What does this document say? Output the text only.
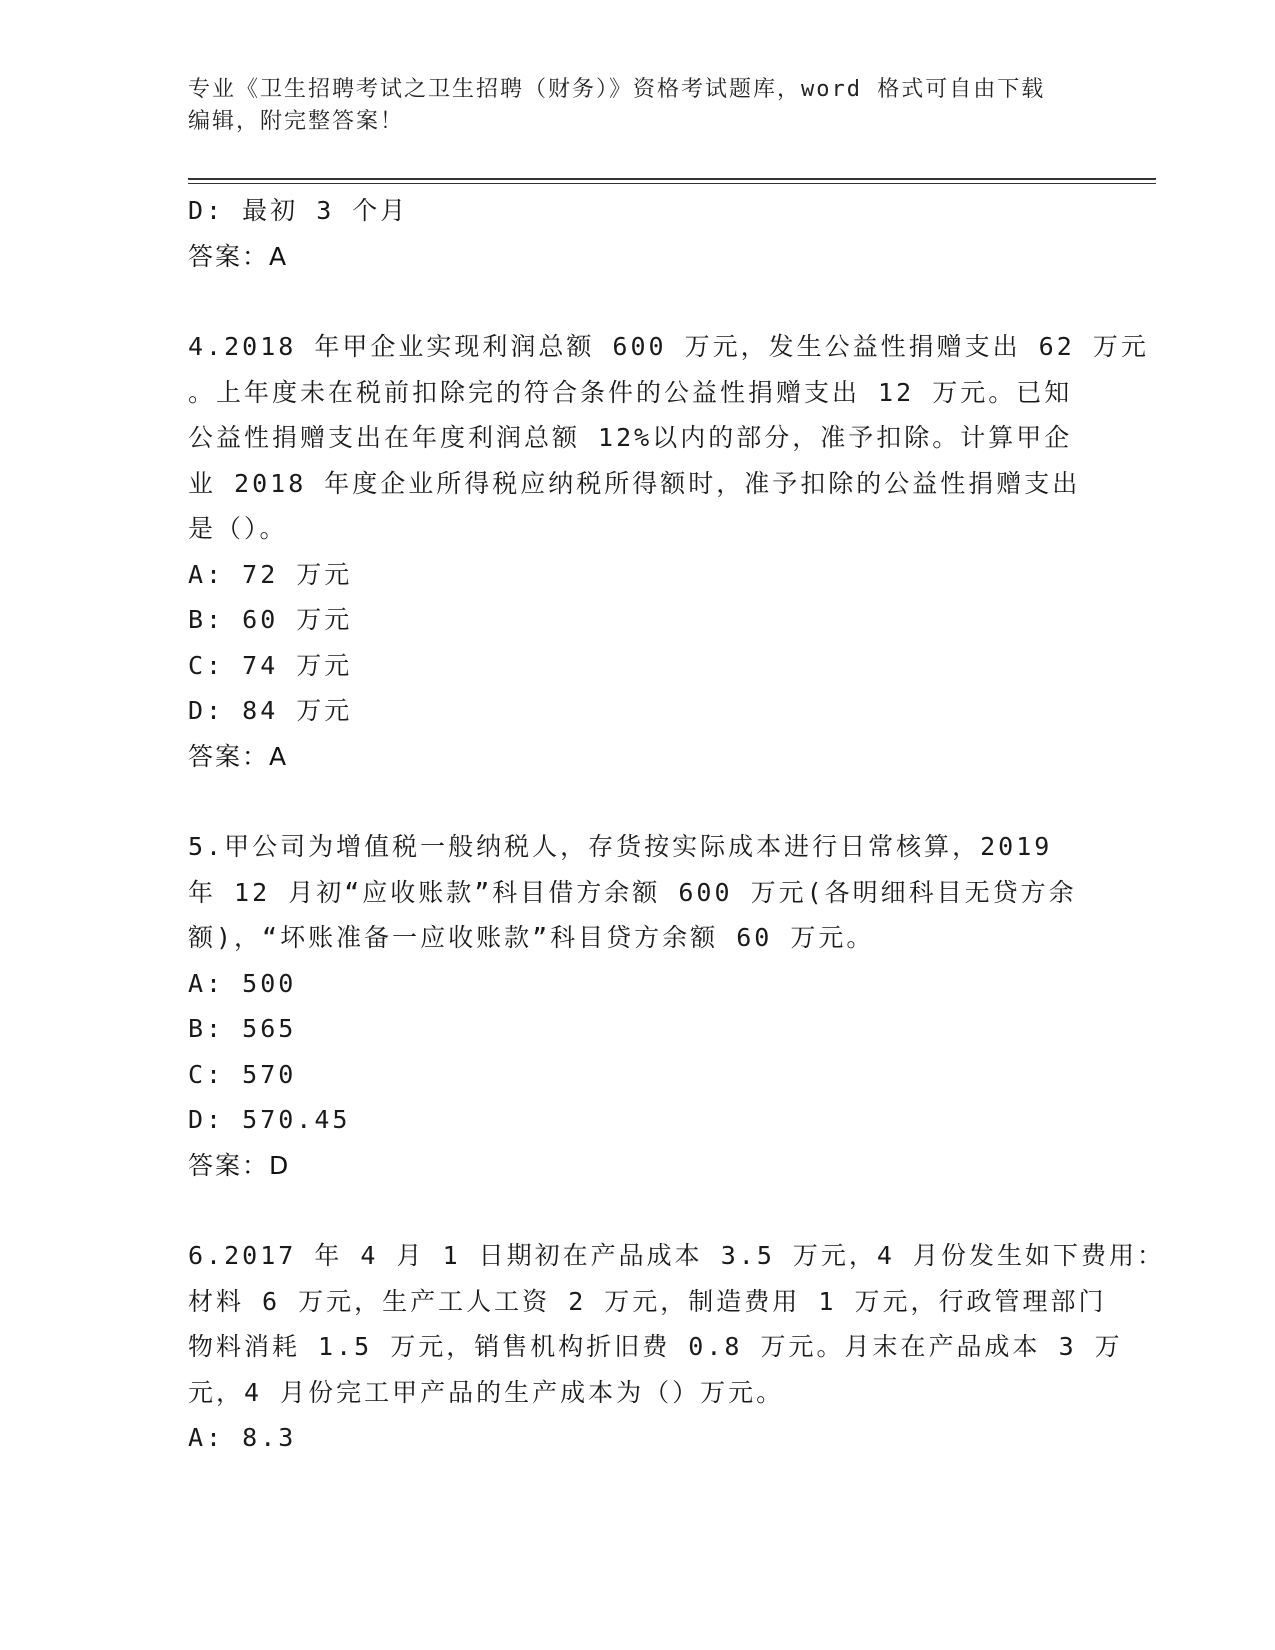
专业《卫生招聘考试之卫生招聘（财务）》资格考试题库，word 格式可自由下载
编辑，附完整答案！
D: 最初 3 个月
答案：A
4.2018 年甲企业实现利润总额 600 万元，发生公益性捐赠支出 62 万元
。上年度未在税前扣除完的符合条件的公益性捐赠支出 12 万元。已知
公益性捐赠支出在年度利润总额 12%以内的部分，准予扣除。计算甲企
业 2018 年度企业所得税应纳税所得额时，准予扣除的公益性捐赠支出
是（）。
A: 72 万元
B: 60 万元
C: 74 万元
D: 84 万元
答案：A
5.甲公司为增值税一般纳税人，存货按实际成本进行日常核算，2019
年 12 月初“应收账款”科目借方余额 600 万元(各明细科目无贷方余
额)，“坏账准备一应收账款”科目贷方余额 60 万元。
A: 500
B: 565
C: 570
D: 570.45
答案：D
6.2017 年 4 月 1 日期初在产品成本 3.5 万元，4 月份发生如下费用：
材料 6 万元，生产工人工资 2 万元，制造费用 1 万元，行政管理部门
物料消耗 1.5 万元，销售机构折旧费 0.8 万元。月末在产品成本 3 万
元，4 月份完工甲产品的生产成本为（）万元。
A: 8.3
